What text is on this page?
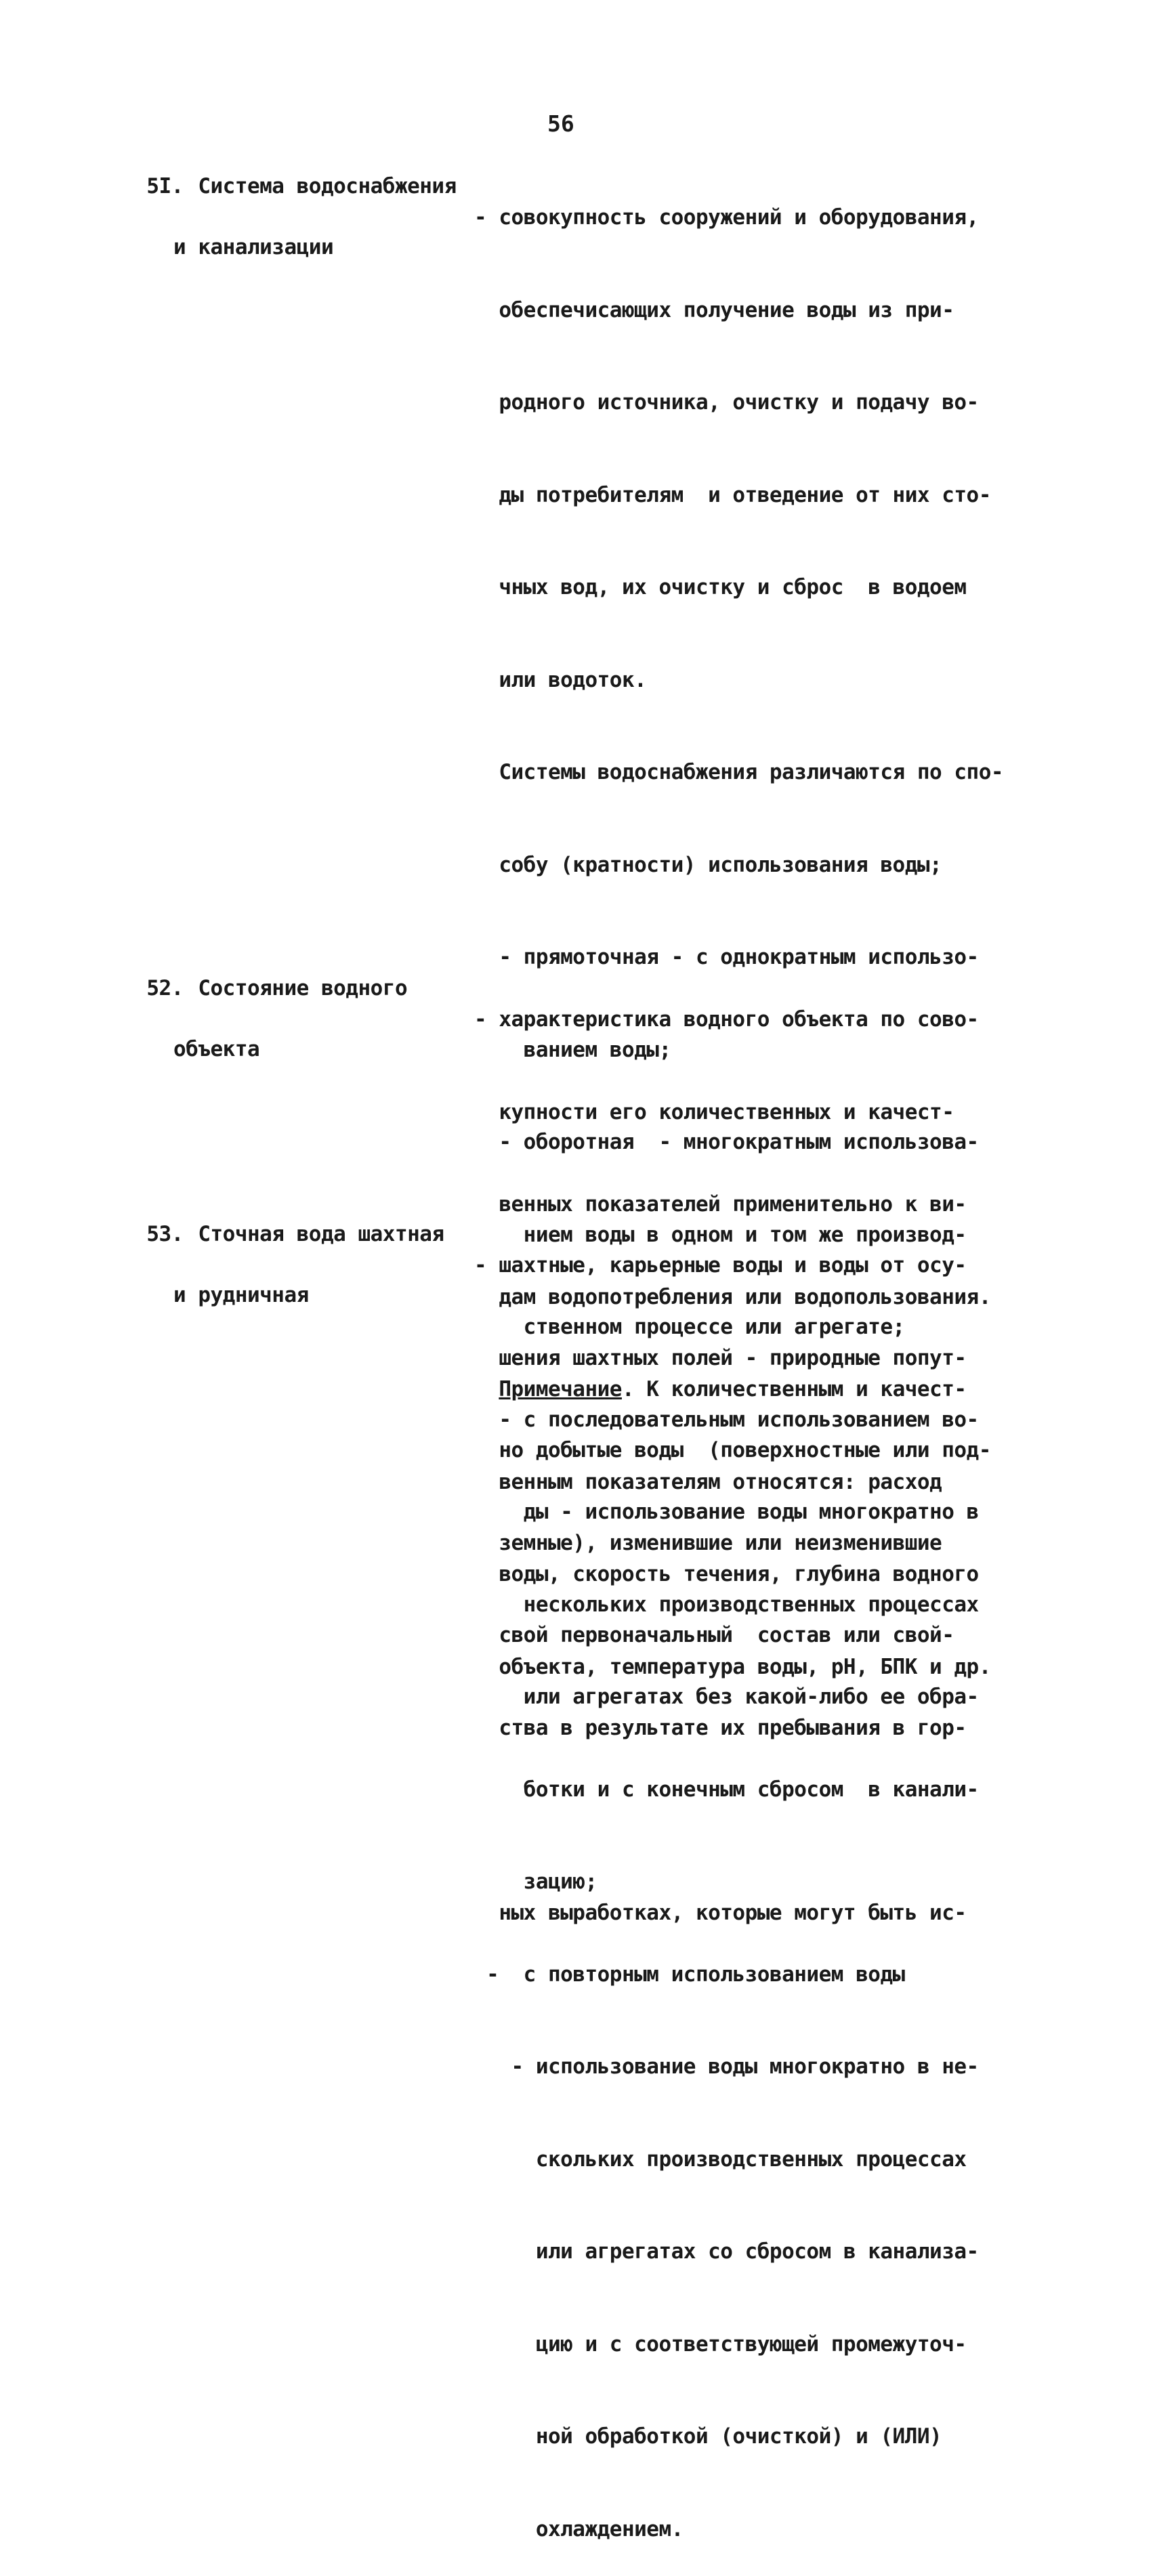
56

5I. Система водоснабжения

и канализации

- совокупность сооружений и оборудования,

обеспечисающих получение воды из при-

родного источника, очистку и подачу во-

ды потребителям  и отведение от них сто-

чных вод, их очистку и сброс  в водоем

или водоток.

Системы водоснабжения различаются по спо-

собу (кратности) использования воды;

- прямоточная - с однократным использо-

ванием воды;

- оборотная  - многократным использова-

нием воды в одном и том же производ-

ственном процессе или агрегате;

- с последовательным использованием во-

ды - использование воды многократно в

нескольких производственных процессах

или агрегатах без какой-либо ее обра-

ботки и с конечным сбросом  в канали-

зацию;

-  с повторным использованием воды

- использование воды многократно в не-

скольких производственных процессах

или агрегатах со сбросом в канализа-

цию и с соответствующей промежуточ-

ной обработкой (очисткой) и (ИЛИ)

охлаждением.

52. Состояние водного

объекта

- характеристика водного объекта по сово-

купности его количественных и качест-

венных показателей применительно к ви-

дам водопотребления или водопользования.

Примечание. К количественным и качест-

венным показателям относятся: расход

воды, скорость течения, глубина водного

объекта, температура воды, рН, БПК и др.

53. Сточная вода шахтная

и рудничная

- шахтные, карьерные воды и воды от осу-

шения шахтных полей - природные попут-

но добытые воды  (поверхностные или под-

земные), изменившие или неизменившие

свой первоначальный  состав или свой-

ства в результате их пребывания в гор-

ных выработках, которые могут быть ис-
